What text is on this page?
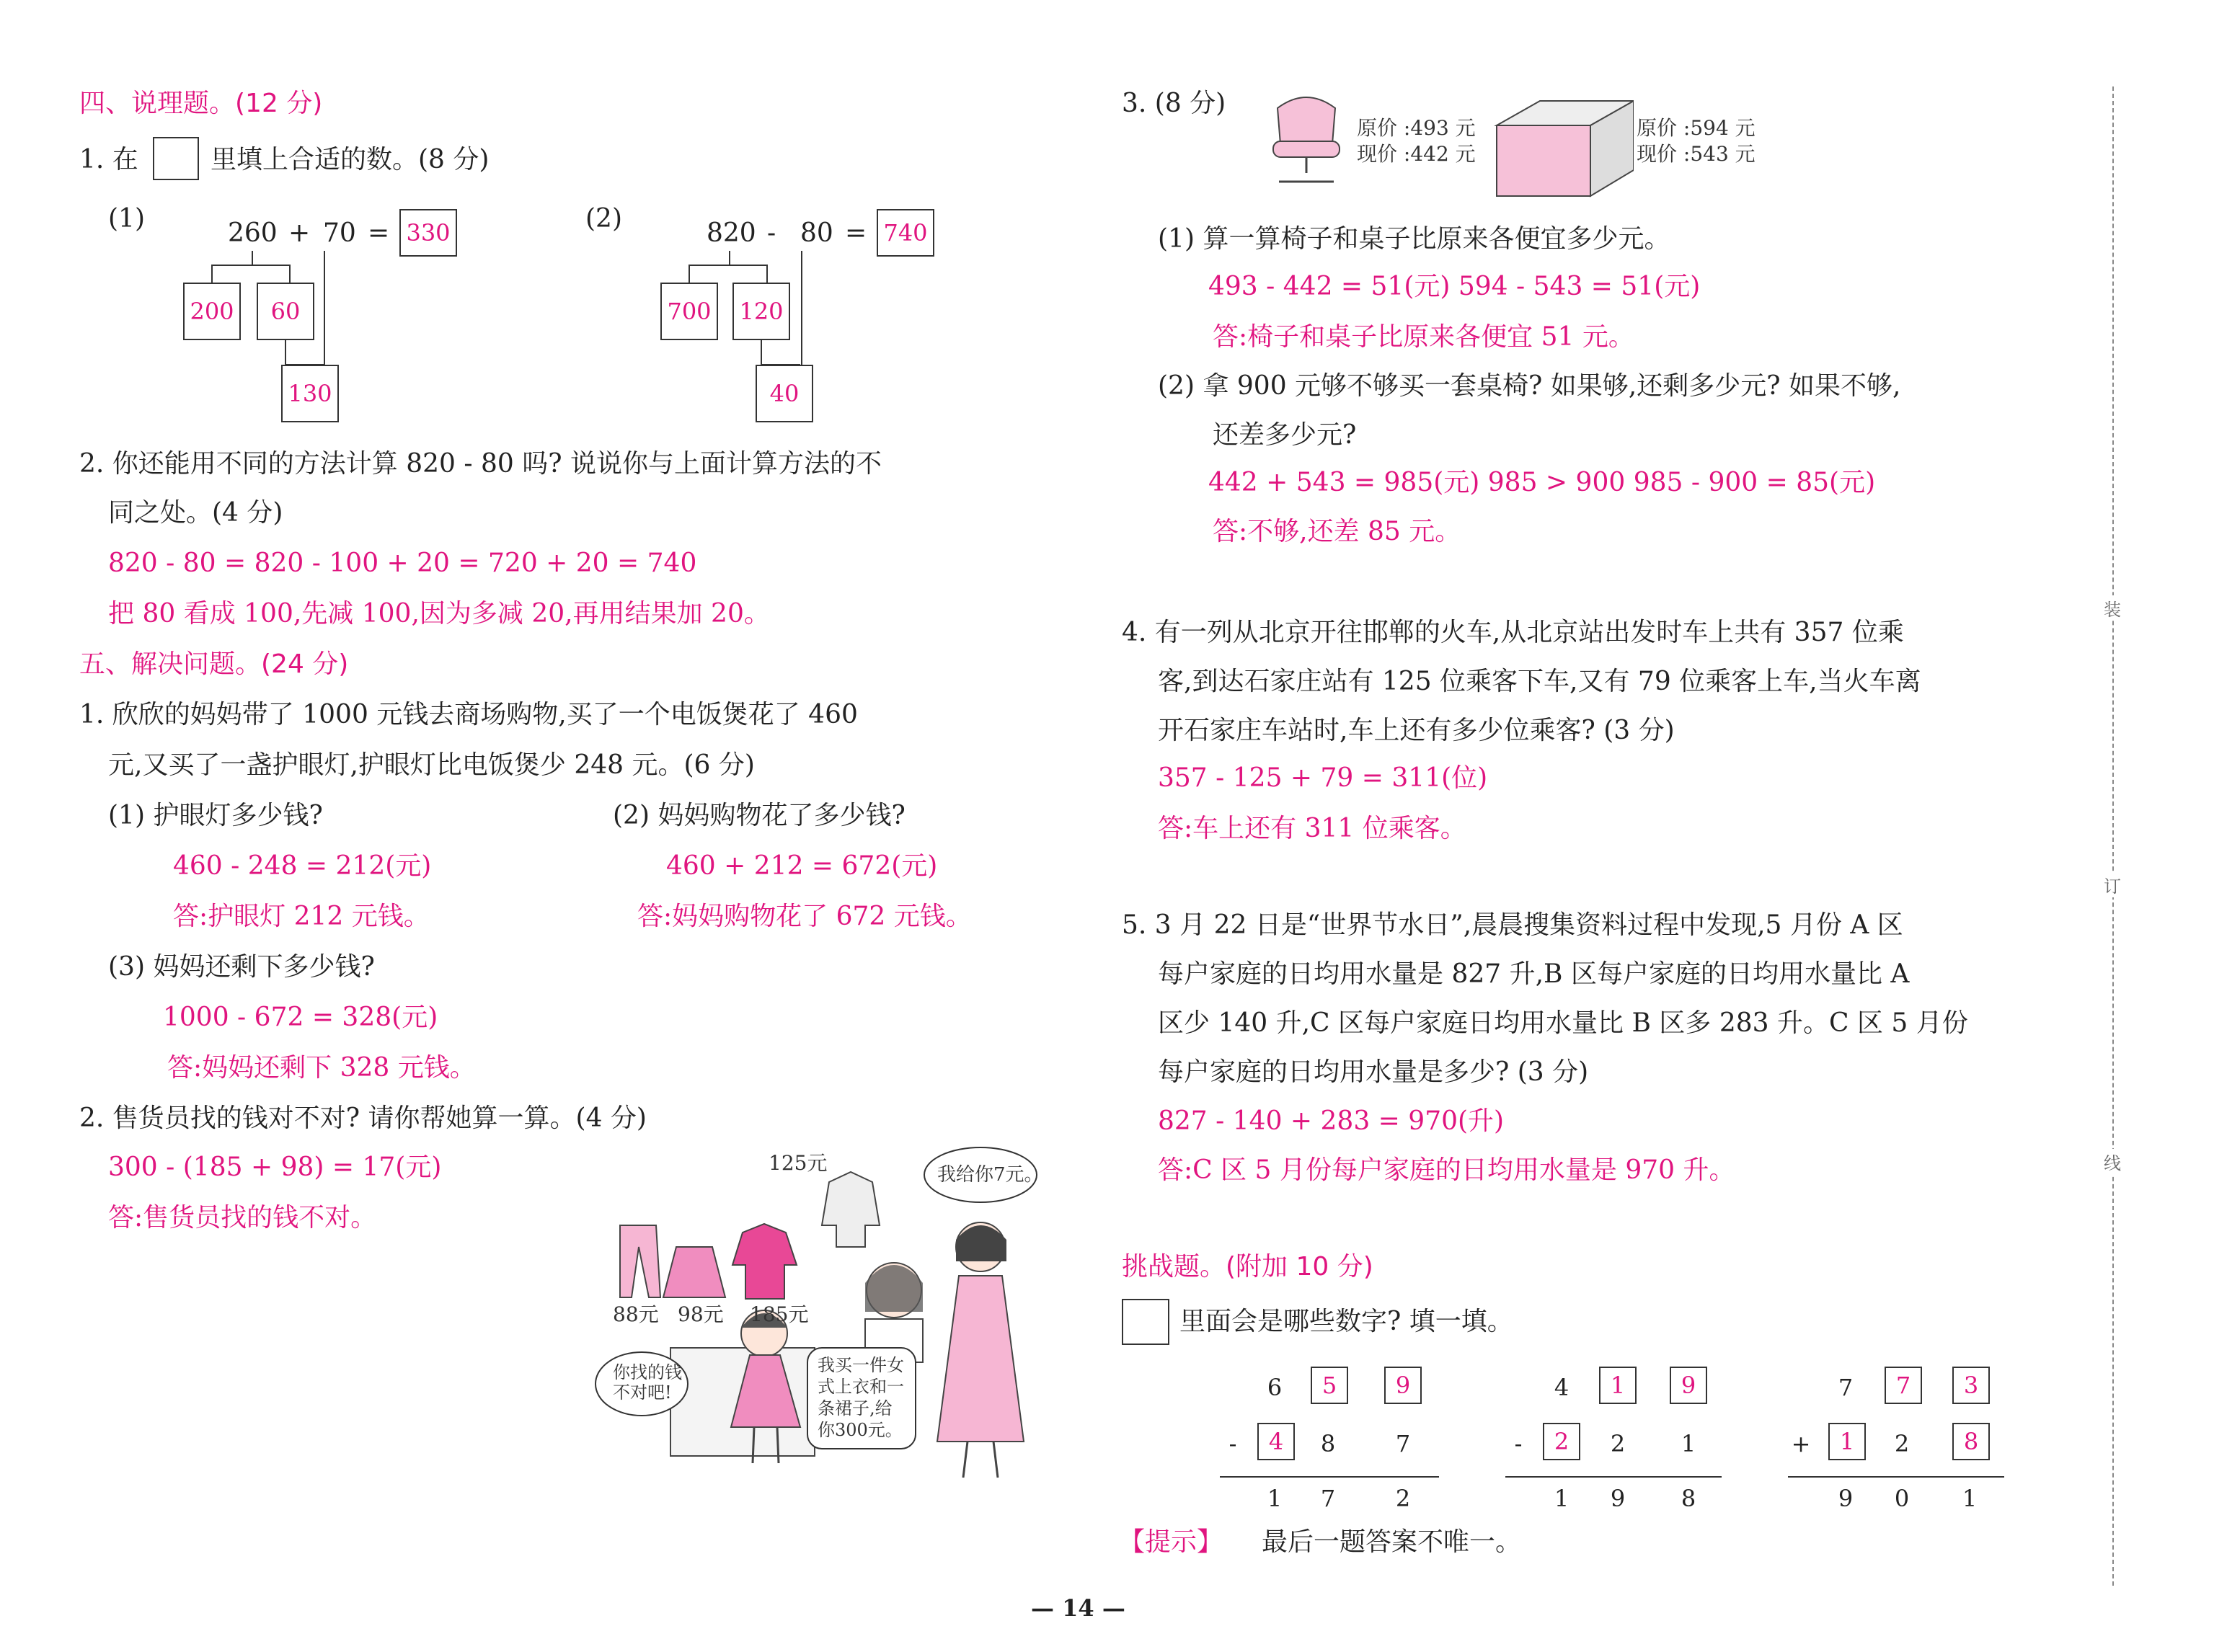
四、说理题。(12 分)
1. 在	里填上合适的数。(8 分)
(1)	260 + 70 = 330
200	60
130
(2)	820 - 80 = 740
700 120
40
2. 你还能用不同的方法计算 820 - 80 吗? 说说你与上面计算方法的不
同之处。(4 分)
820 - 80 = 820 - 100 + 20 = 720 + 20 = 740
把 80 看成 100,先减 100,因为多减 20,再用结果加 20。
五、解决问题。(24 分)
1. 欣欣的妈妈带了 1000 元钱去商场购物,买了一个电饭煲花了 460
元,又买了一盏护眼灯,护眼灯比电饭煲少 248 元。(6 分)
(1) 护眼灯多少钱?	(2) 妈妈购物花了多少钱?
460 - 248 = 212(元)	460 + 212 = 672(元)
答:护眼灯 212 元钱。	答:妈妈购物花了 672 元钱。
(3) 妈妈还剩下多少钱?
1000 - 672 = 328(元)
答:妈妈还剩下 328 元钱。
2. 售货员找的钱对不对? 请你帮她算一算。(4 分)
300 - (185 + 98) = 17(元)
答:售货员找的钱不对。
125元	我给你7元。
88元 98元 185元
你找的钱
不对吧!
我买一件女
式上衣和一
条裙子,给
你300元。
3. (8 分)
原价 :493 元
现价 :442 元
原价 :594 元
现价 :543 元
(1) 算一算椅子和桌子比原来各便宜多少元。
493 - 442 = 51(元) 594 - 543 = 51(元)
答:椅子和桌子比原来各便宜 51 元。
(2) 拿 900 元够不够买一套桌椅? 如果够,还剩多少元? 如果不够,
还差多少元?
442 + 543 = 985(元) 985 > 900 985 - 900 = 85(元)
答:不够,还差 85 元。
4. 有一列从北京开往邯郸的火车,从北京站出发时车上共有 357 位乘
客,到达石家庄站有 125 位乘客下车,又有 79 位乘客上车,当火车离
开石家庄车站时,车上还有多少位乘客? (3 分)
357 - 125 + 79 = 311(位)
答:车上还有 311 位乘客。
5. 3 月 22 日是“世界节水日”,晨晨搜集资料过程中发现,5 月份 A 区
每户家庭的日均用水量是 827 升,B 区每户家庭的日均用水量比 A
区少 140 升,C 区每户家庭日均用水量比 B 区多 283 升。C 区 5 月份
每户家庭的日均用水量是多少? (3 分)
827 - 140 + 283 = 970(升)
答:C 区 5 月份每户家庭的日均用水量是 970 升。
挑战题。(附加 10 分)
里面会是哪些数字? 填一填。
6	5	9
-	4	8	7
1	7	2
4	1	9
-	2	2	1
1	9	8
7	7	3
+	1	2	8
9	0	1
【提示】 最后一题答案不唯一。
装
订
线
— 14 —
